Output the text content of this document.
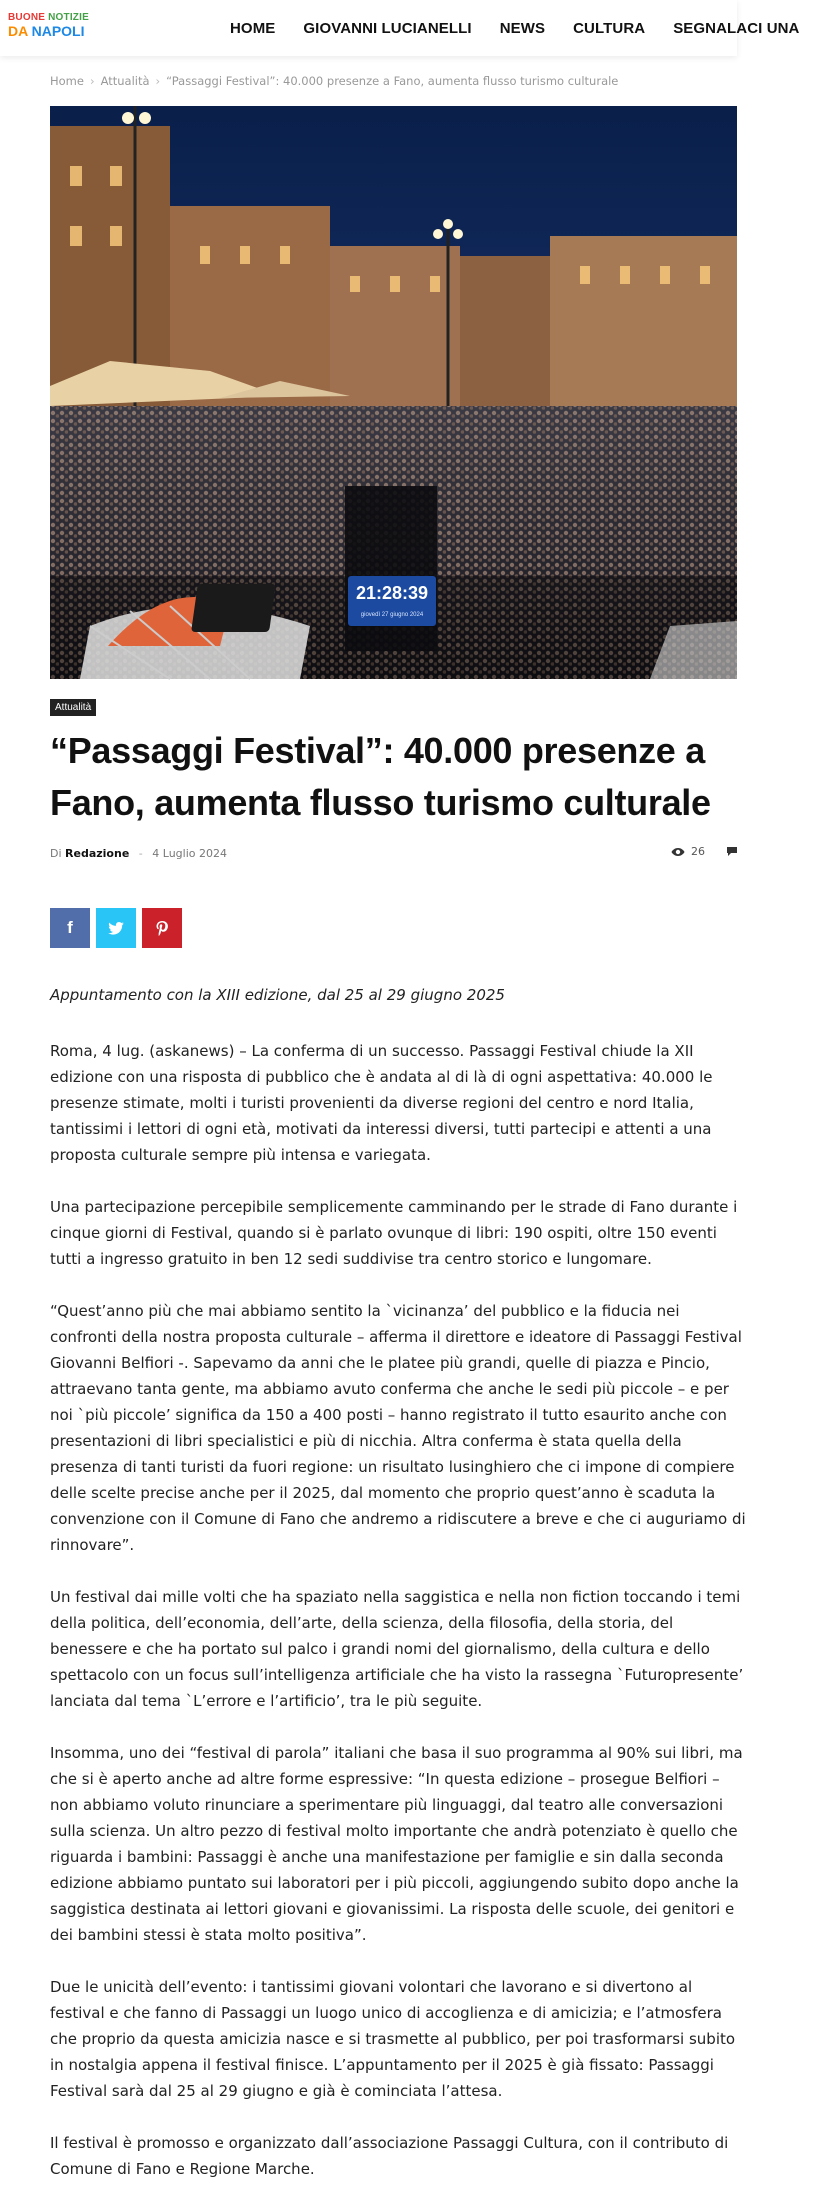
BUONE NOTIZIE
DA NAPOLI	HOME GIOVANNI LUCIANELLI NEWS CULTURA SEGNALACI UNA
Home › Attualità › “Passaggi Festival”: 40.000 presenze a Fano, aumenta flusso turismo culturale
21:28:39
giovedì 27 giugno 2024
Attualità
“Passaggi Festival”: 40.000 presenze a Fano, aumenta flusso turismo culturale
Di Redazione - 4 Luglio 2024	26
f

Appuntamento con la XIII edizione, dal 25 al 29 giugno 2025

Roma, 4 lug. (askanews) – La conferma di un successo. Passaggi Festival chiude la XII edizione con una risposta di pubblico che è andata al di là di ogni aspettativa: 40.000 le presenze stimate, molti i turisti provenienti da diverse regioni del centro e nord Italia, tantissimi i lettori di ogni età, motivati da interessi diversi, tutti partecipi e attenti a una proposta culturale sempre più intensa e variegata.

Una partecipazione percepibile semplicemente camminando per le strade di Fano durante i cinque giorni di Festival, quando si è parlato ovunque di libri: 190 ospiti, oltre 150 eventi tutti a ingresso gratuito in ben 12 sedi suddivise tra centro storico e lungomare.

“Quest’anno più che mai abbiamo sentito la `vicinanza’ del pubblico e la fiducia nei confronti della nostra proposta culturale – afferma il direttore e ideatore di Passaggi Festival Giovanni Belfiori -. Sapevamo da anni che le platee più grandi, quelle di piazza e Pincio, attraevano tanta gente, ma abbiamo avuto conferma che anche le sedi più piccole – e per noi `più piccole’ significa da 150 a 400 posti – hanno registrato il tutto esaurito anche con presentazioni di libri specialistici e più di nicchia. Altra conferma è stata quella della presenza di tanti turisti da fuori regione: un risultato lusinghiero che ci impone di compiere delle scelte precise anche per il 2025, dal momento che proprio quest’anno è scaduta la convenzione con il Comune di Fano che andremo a ridiscutere a breve e che ci auguriamo di rinnovare”.

Un festival dai mille volti che ha spaziato nella saggistica e nella non fiction toccando i temi della politica, dell’economia, dell’arte, della scienza, della filosofia, della storia, del benessere e che ha portato sul palco i grandi nomi del giornalismo, della cultura e dello spettacolo con un focus sull’intelligenza artificiale che ha visto la rassegna `Futuropresente’ lanciata dal tema `L’errore e l’artificio’, tra le più seguite.

Insomma, uno dei “festival di parola” italiani che basa il suo programma al 90% sui libri, ma che si è aperto anche ad altre forme espressive: “In questa edizione – prosegue Belfiori – non abbiamo voluto rinunciare a sperimentare più linguaggi, dal teatro alle conversazioni sulla scienza. Un altro pezzo di festival molto importante che andrà potenziato è quello che riguarda i bambini: Passaggi è anche una manifestazione per famiglie e sin dalla seconda edizione abbiamo puntato sui laboratori per i più piccoli, aggiungendo subito dopo anche la saggistica destinata ai lettori giovani e giovanissimi. La risposta delle scuole, dei genitori e dei bambini stessi è stata molto positiva”.

Due le unicità dell’evento: i tantissimi giovani volontari che lavorano e si divertono al festival e che fanno di Passaggi un luogo unico di accoglienza e di amicizia; e l’atmosfera che proprio da questa amicizia nasce e si trasmette al pubblico, per poi trasformarsi subito in nostalgia appena il festival finisce. L’appuntamento per il 2025 è già fissato: Passaggi Festival sarà dal 25 al 29 giugno e già è cominciata l’attesa.

Il festival è promosso e organizzato dall’associazione Passaggi Cultura, con il contributo di Comune di Fano e Regione Marche.
